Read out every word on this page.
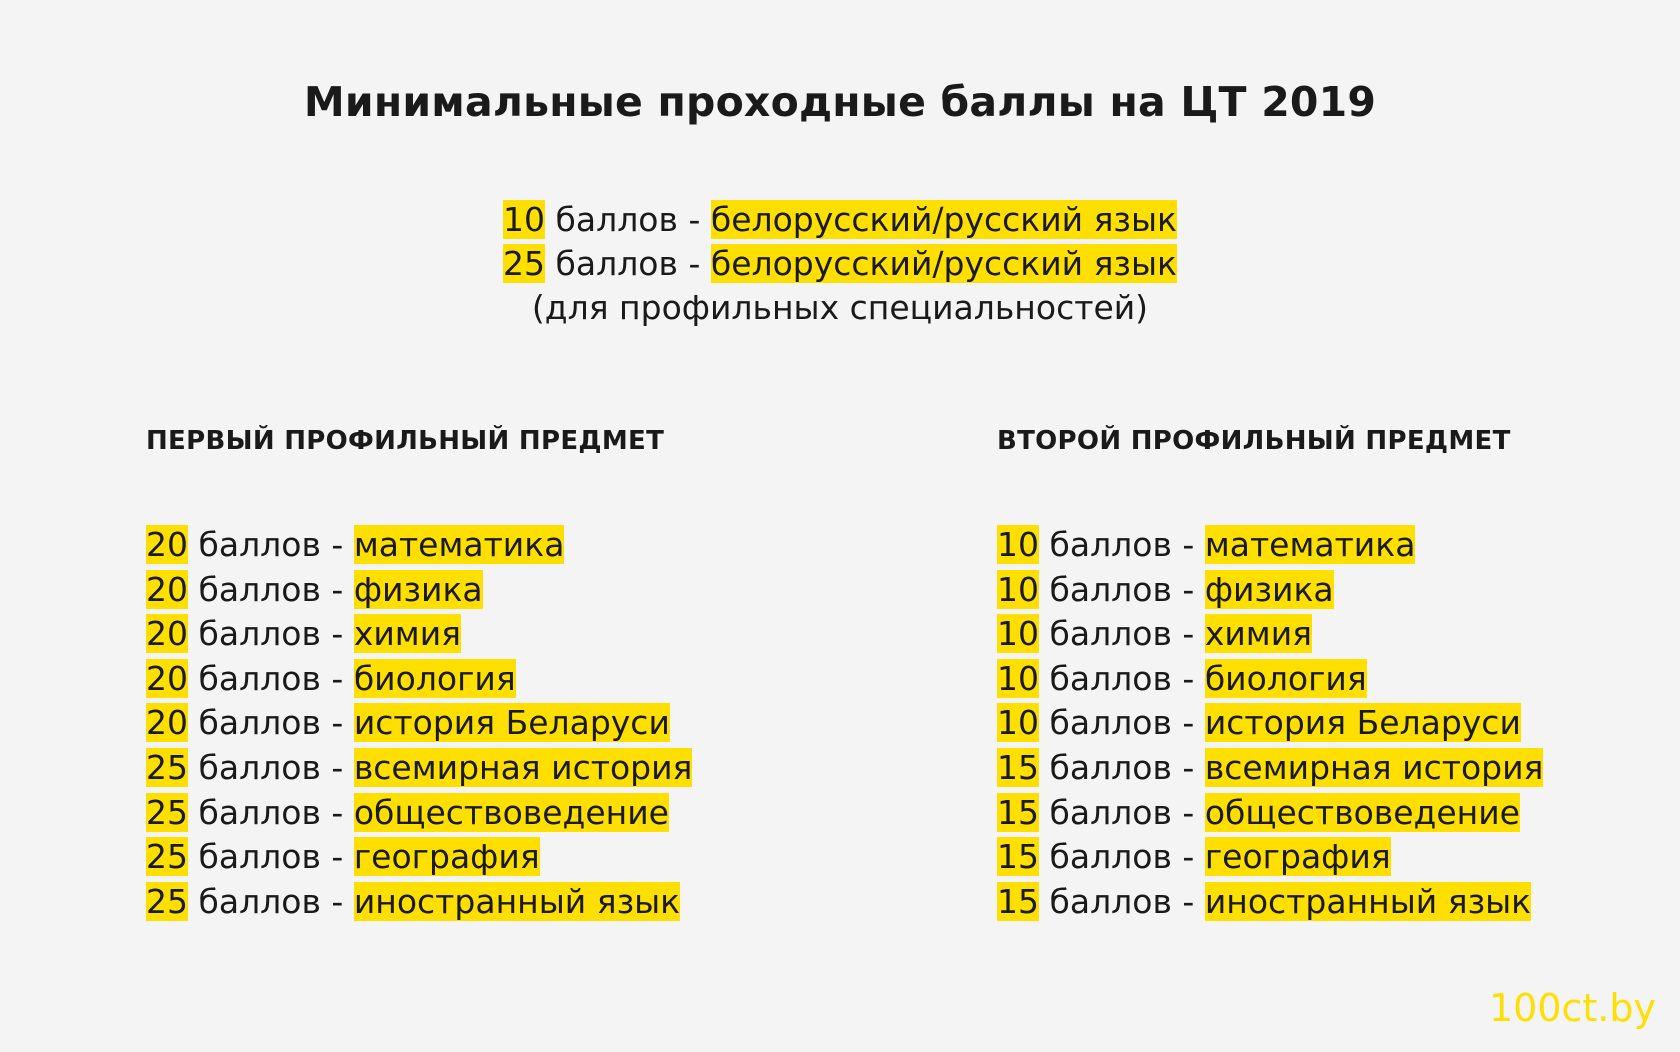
Минимальные проходные баллы на ЦТ 2019
10 баллов - белорусский/русский язык
25 баллов - белорусский/русский язык
(для профильных специальностей)
ПЕРВЫЙ ПРОФИЛЬНЫЙ ПРЕДМЕТ
20 баллов - математика
20 баллов - физика
20 баллов - химия
20 баллов - биология
20 баллов - история Беларуси
25 баллов - всемирная история
25 баллов - обществоведение
25 баллов - география
25 баллов - иностранный язык
ВТОРОЙ ПРОФИЛЬНЫЙ ПРЕДМЕТ
10 баллов - математика
10 баллов - физика
10 баллов - химия
10 баллов - биология
10 баллов - история Беларуси
15 баллов - всемирная история
15 баллов - обществоведение
15 баллов - география
15 баллов - иностранный язык
100ct.by
